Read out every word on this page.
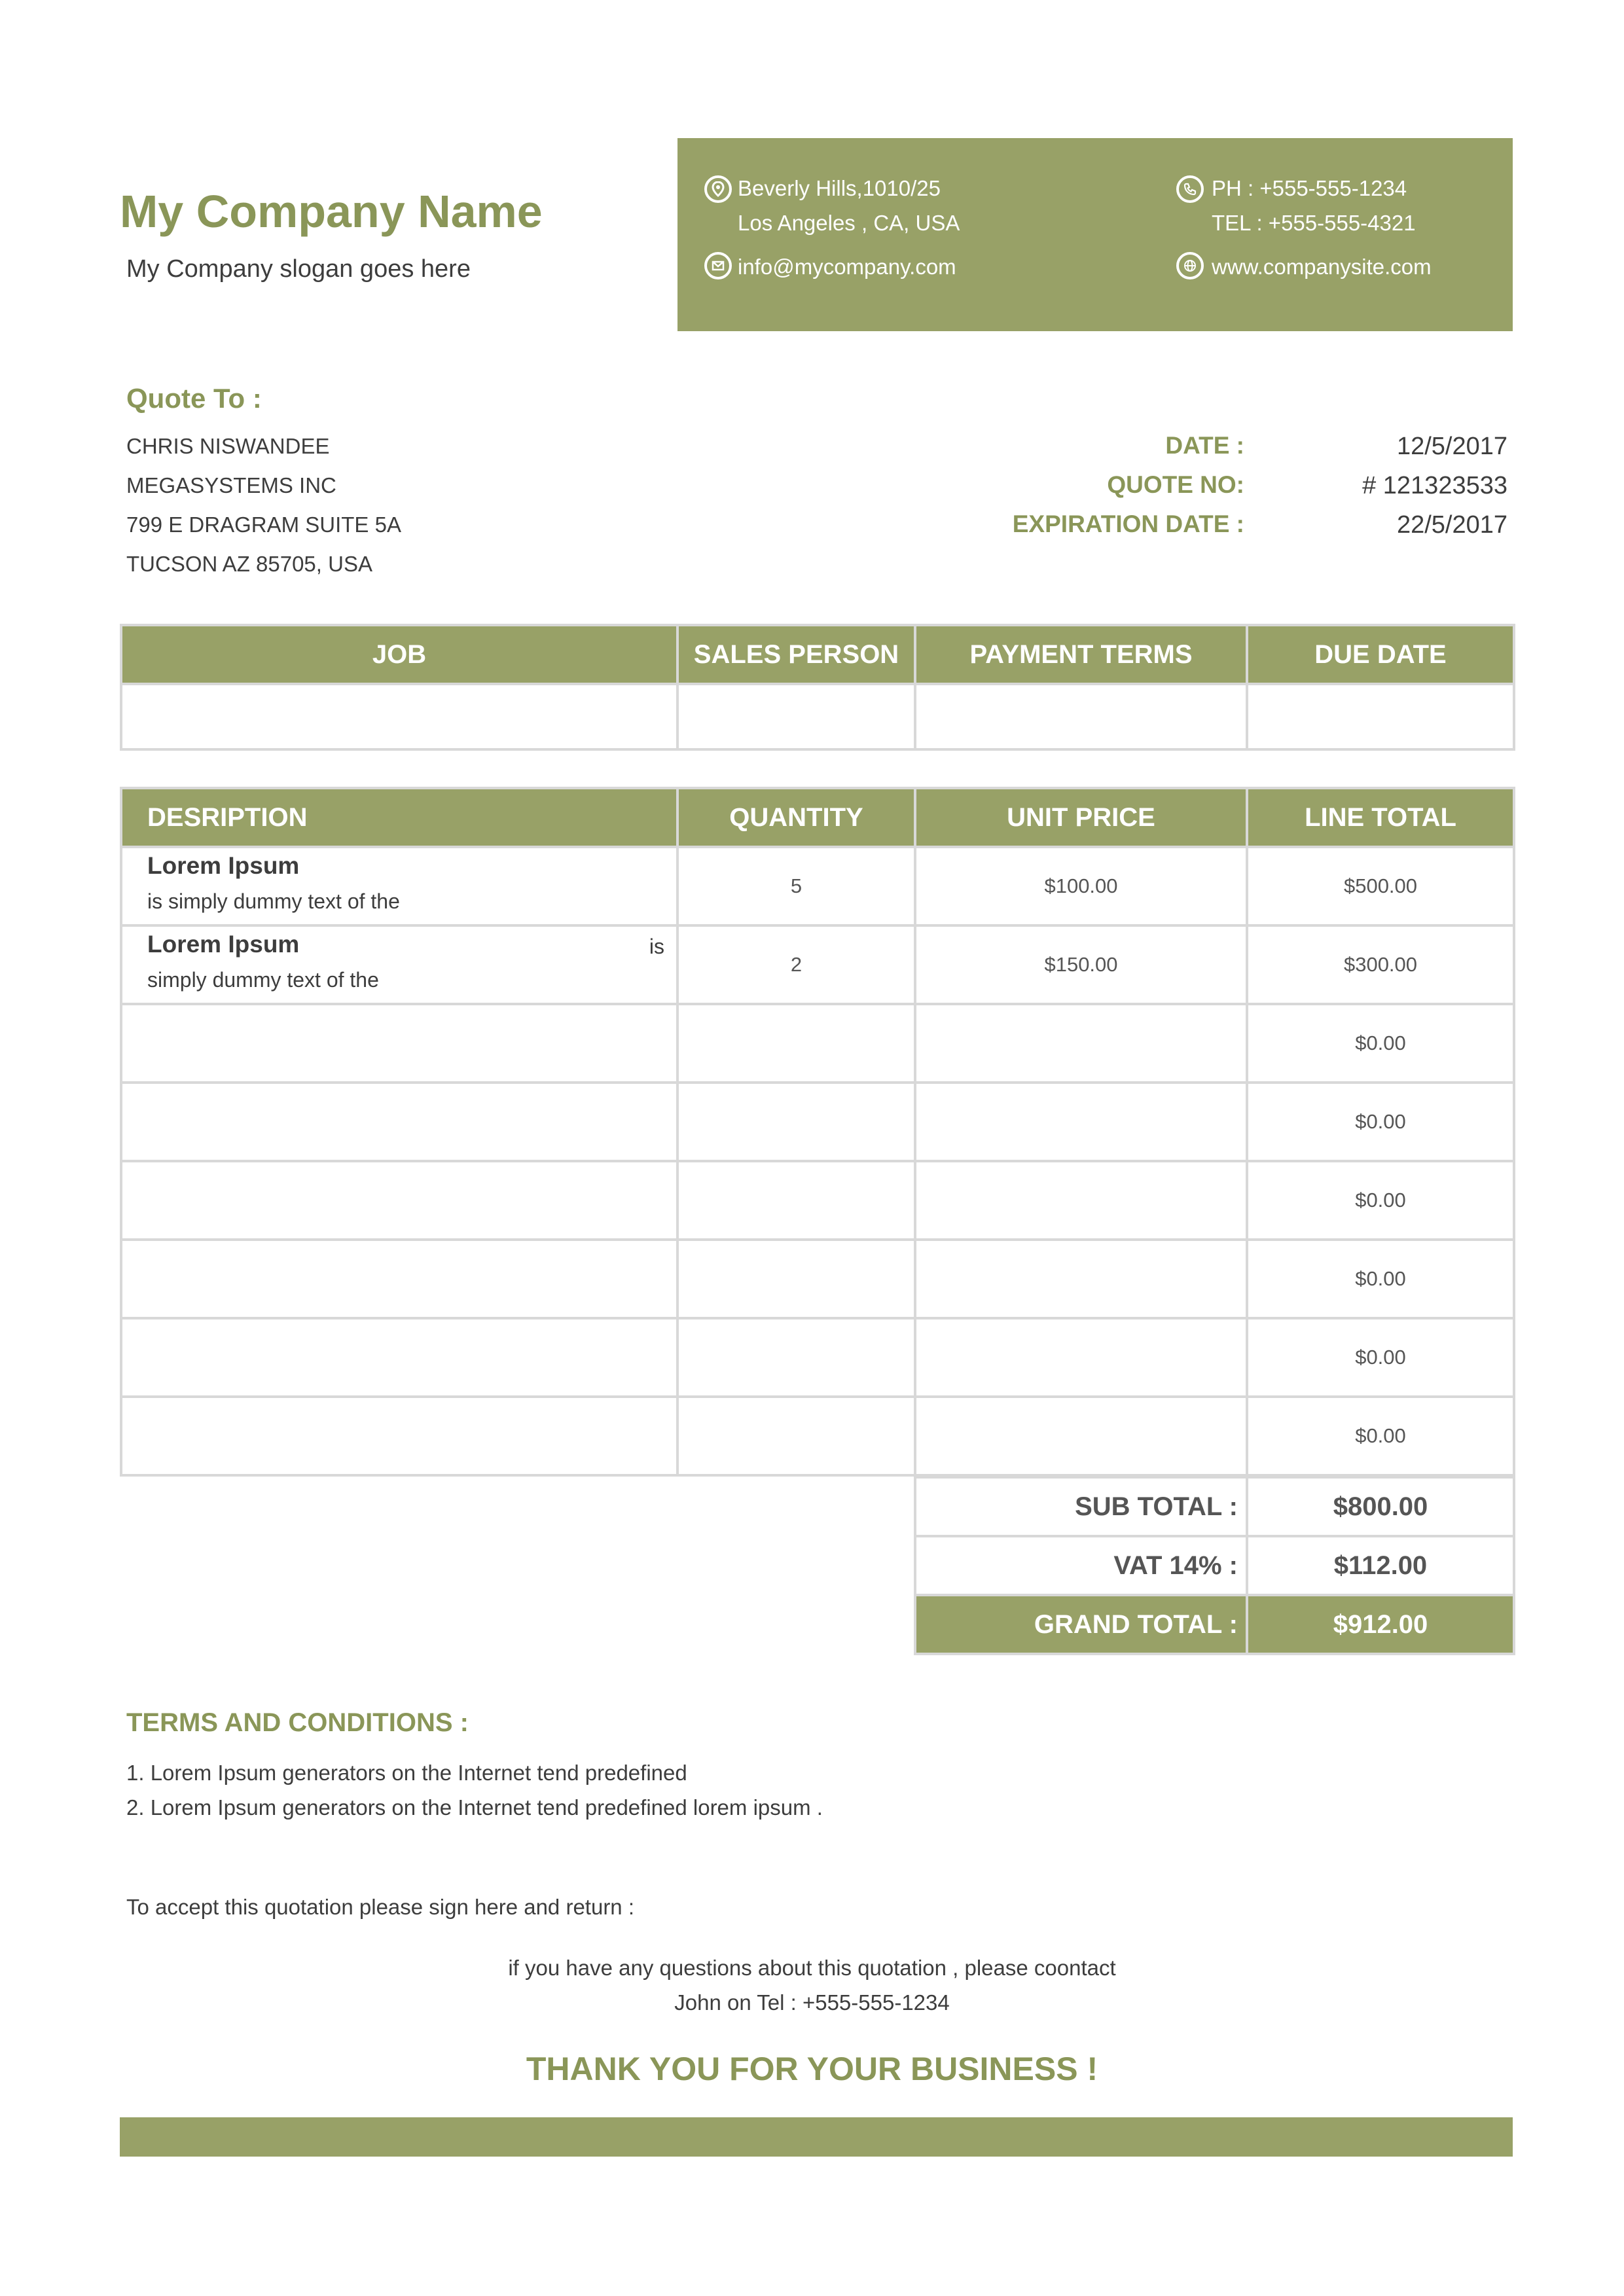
My Company Name
My Company slogan goes here
Beverly Hills,1010/25
Los Angeles , CA, USA
info@mycompany.com
PH : +555-555-1234
TEL : +555-555-4321
www.companysite.com
Quote To :
CHRIS NISWANDEE
MEGASYSTEMS INC
799 E DRAGRAM SUITE 5A
TUCSON AZ 85705, USA
DATE :	12/5/2017
QUOTE NO:	# 121323533
EXPIRATION DATE :	22/5/2017
JOB	SALES PERSON	PAYMENT TERMS	DUE DATE

DESRIPTION	QUANTITY	UNIT PRICE	LINE TOTAL

Lorem Ipsum
is simply dummy text of the	5	$100.00	$500.00

Lorem Ipsum is
simply dummy text of the	2	$150.00	$300.00
			$0.00
			$0.00
			$0.00
			$0.00
			$0.00
			$0.00
SUB TOTAL :	$800.00
VAT 14% :	$112.00
GRAND TOTAL :	$912.00
TERMS AND CONDITIONS :
1. Lorem Ipsum generators on the Internet tend predefined
2. Lorem Ipsum generators on the Internet tend predefined lorem ipsum .
To accept this quotation please sign here and return :
if you have any questions about this quotation , please coontact
John on Tel : +555-555-1234
THANK YOU FOR YOUR BUSINESS !
